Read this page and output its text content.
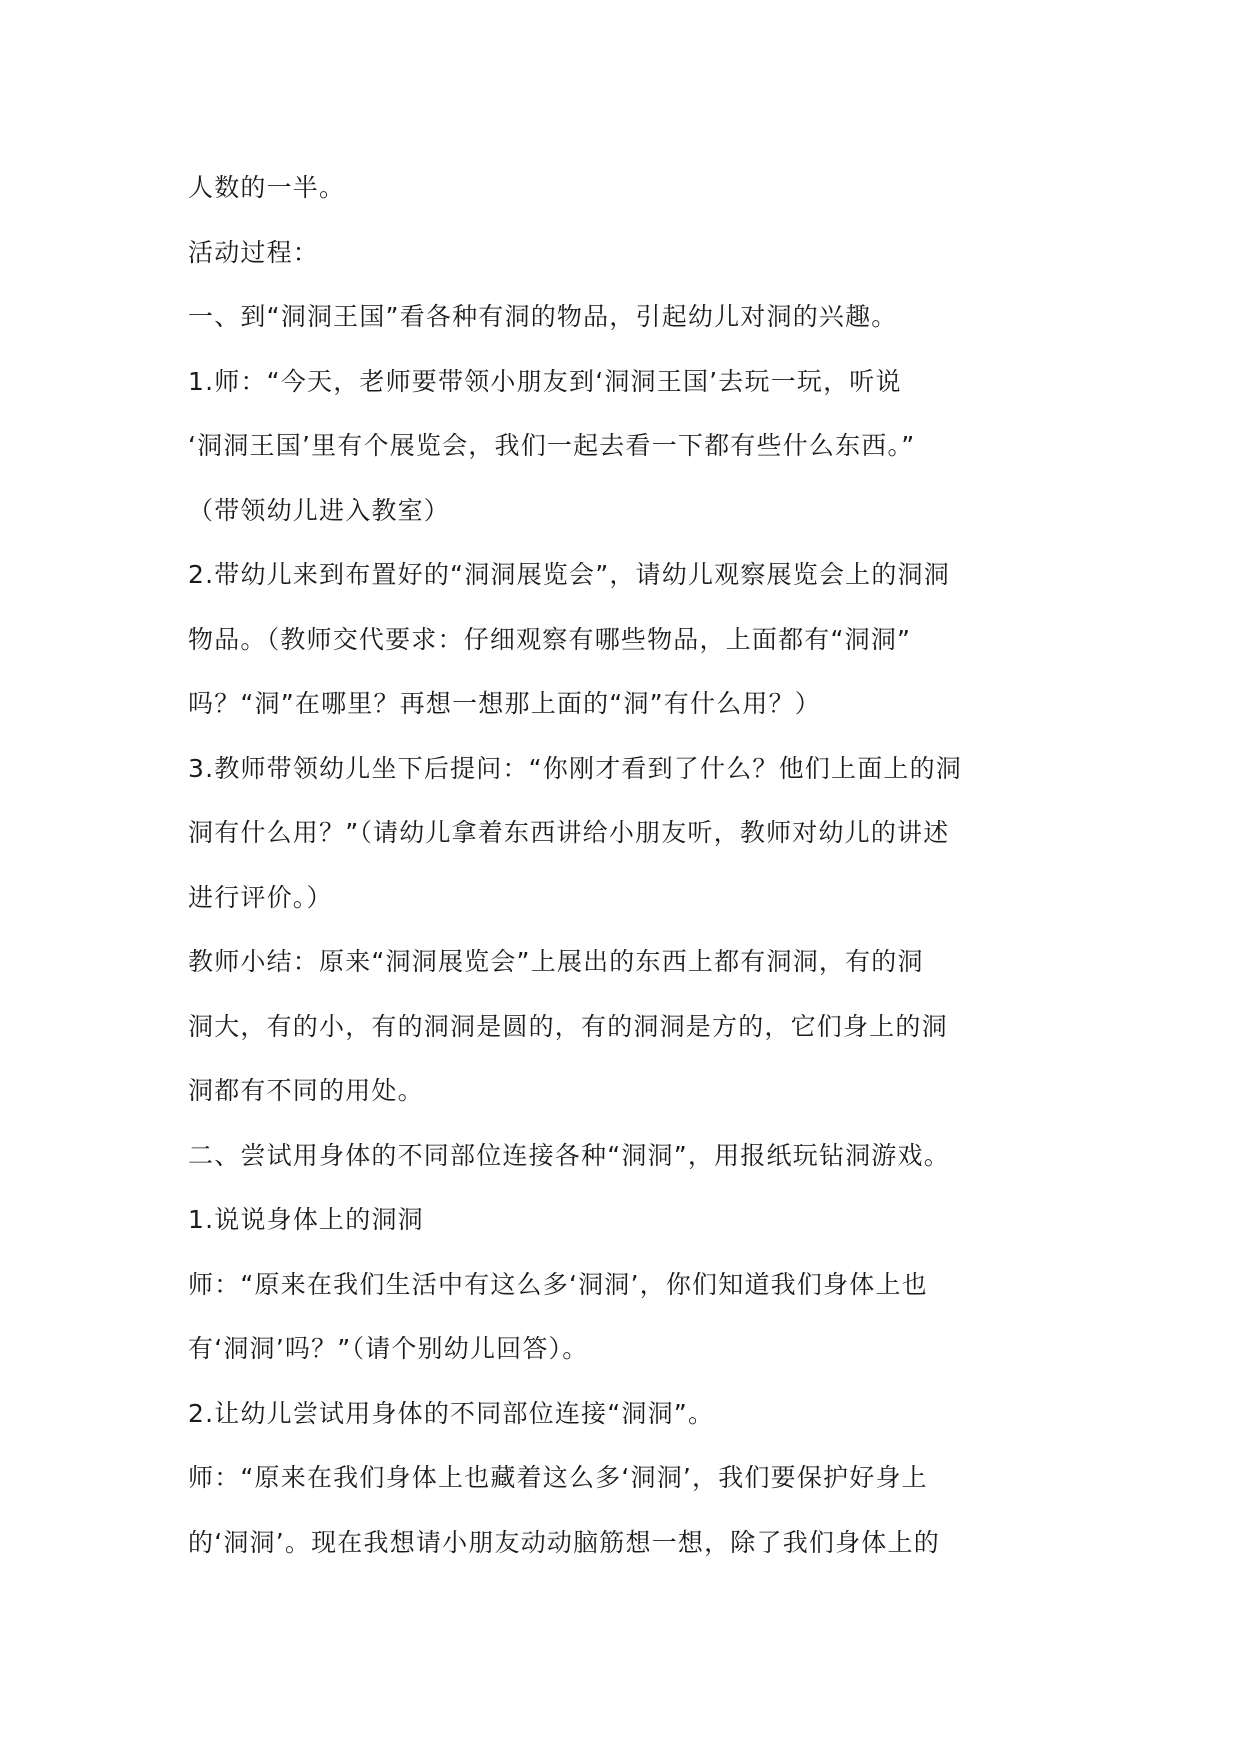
人数的一半。
活动过程：
一、到“洞洞王国”看各种有洞的物品，引起幼儿对洞的兴趣。
1.师：“今天，老师要带领小朋友到‘洞洞王国’去玩一玩，听说
‘洞洞王国’里有个展览会，我们一起去看一下都有些什么东西。”
（带领幼儿进入教室）
2.带幼儿来到布置好的“洞洞展览会”，请幼儿观察展览会上的洞洞
物品。（教师交代要求：仔细观察有哪些物品，上面都有“洞洞”
吗？“洞”在哪里？再想一想那上面的“洞”有什么用？）
3.教师带领幼儿坐下后提问：“你刚才看到了什么？他们上面上的洞
洞有什么用？”（请幼儿拿着东西讲给小朋友听，教师对幼儿的讲述
进行评价。）
教师小结：原来“洞洞展览会”上展出的东西上都有洞洞，有的洞
洞大，有的小，有的洞洞是圆的，有的洞洞是方的，它们身上的洞
洞都有不同的用处。
二、尝试用身体的不同部位连接各种“洞洞”，用报纸玩钻洞游戏。
1.说说身体上的洞洞
师：“原来在我们生活中有这么多‘洞洞’，你们知道我们身体上也
有‘洞洞’吗？”（请个别幼儿回答）。
2.让幼儿尝试用身体的不同部位连接“洞洞”。
师：“原来在我们身体上也藏着这么多‘洞洞’，我们要保护好身上
的‘洞洞’。现在我想请小朋友动动脑筋想一想，除了我们身体上的
